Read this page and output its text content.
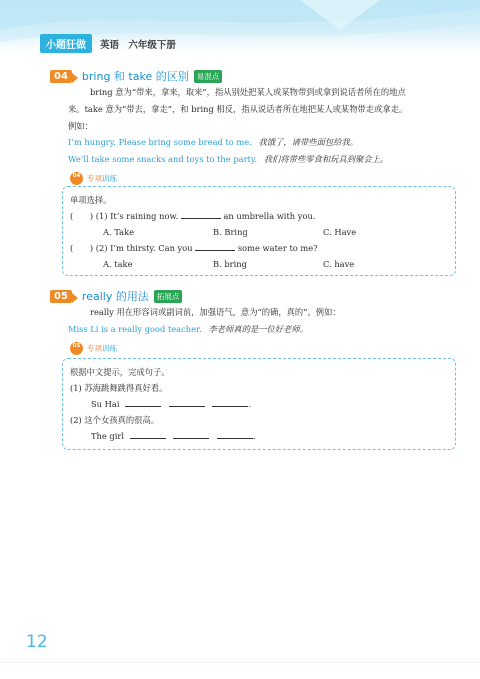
小题狂做	英语 六年级下册
04	bring 和 take 的区别	易混点
bring 意为“带来，拿来，取来”，指从别处把某人或某物带到或拿到说话者所在的地点
来。take 意为“带去，拿走”，和 bring 相反，指从说话者所在地把某人或某物带走或拿走。
例如：
I’m hungry. Please bring some bread to me. 我饿了，请带些面包给我。
We’ll take some snacks and toys to the party. 我们将带些零食和玩具到聚会上。
04 专项训练
单项选择。
(　　) (1) It’s raining now.	an umbrella with you.
A. Take	B. Bring	C. Have
(　　) (2) I’m thirsty. Can you	some water to me?
A. take	B. bring	C. have
05	really 的用法	拓展点
really 用在形容词或副词前，加强语气，意为“的确，真的”。例如：
Miss Li is a really good teacher. 李老师真的是一位好老师。
05 专项训练
根据中文提示，完成句子。
(1) 苏海跳舞跳得真好看。
Su Hai	.
(2) 这个女孩真的很高。
The girl	.
12
